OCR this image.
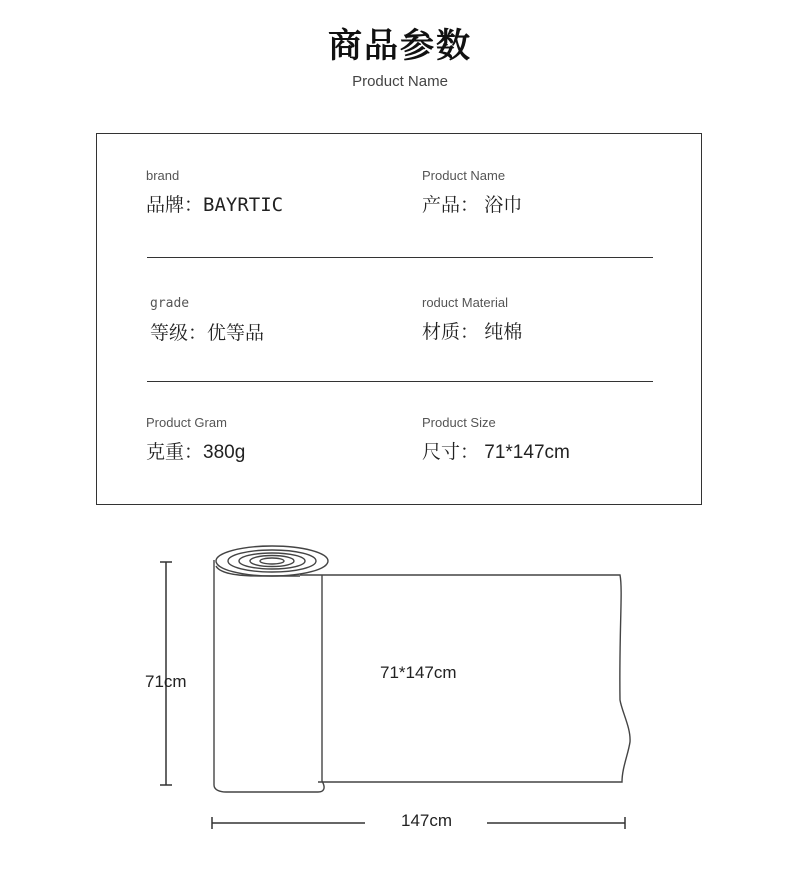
商品参数
Product Name
brand
品牌：BAYRTIC
Product Name
产品： 浴巾
grade
等级：优等品
roduct Material
材质： 纯棉
Product Gram
克重：380g
Product Size
尺寸： 71*147cm
71*147cm
71cm
147cm
